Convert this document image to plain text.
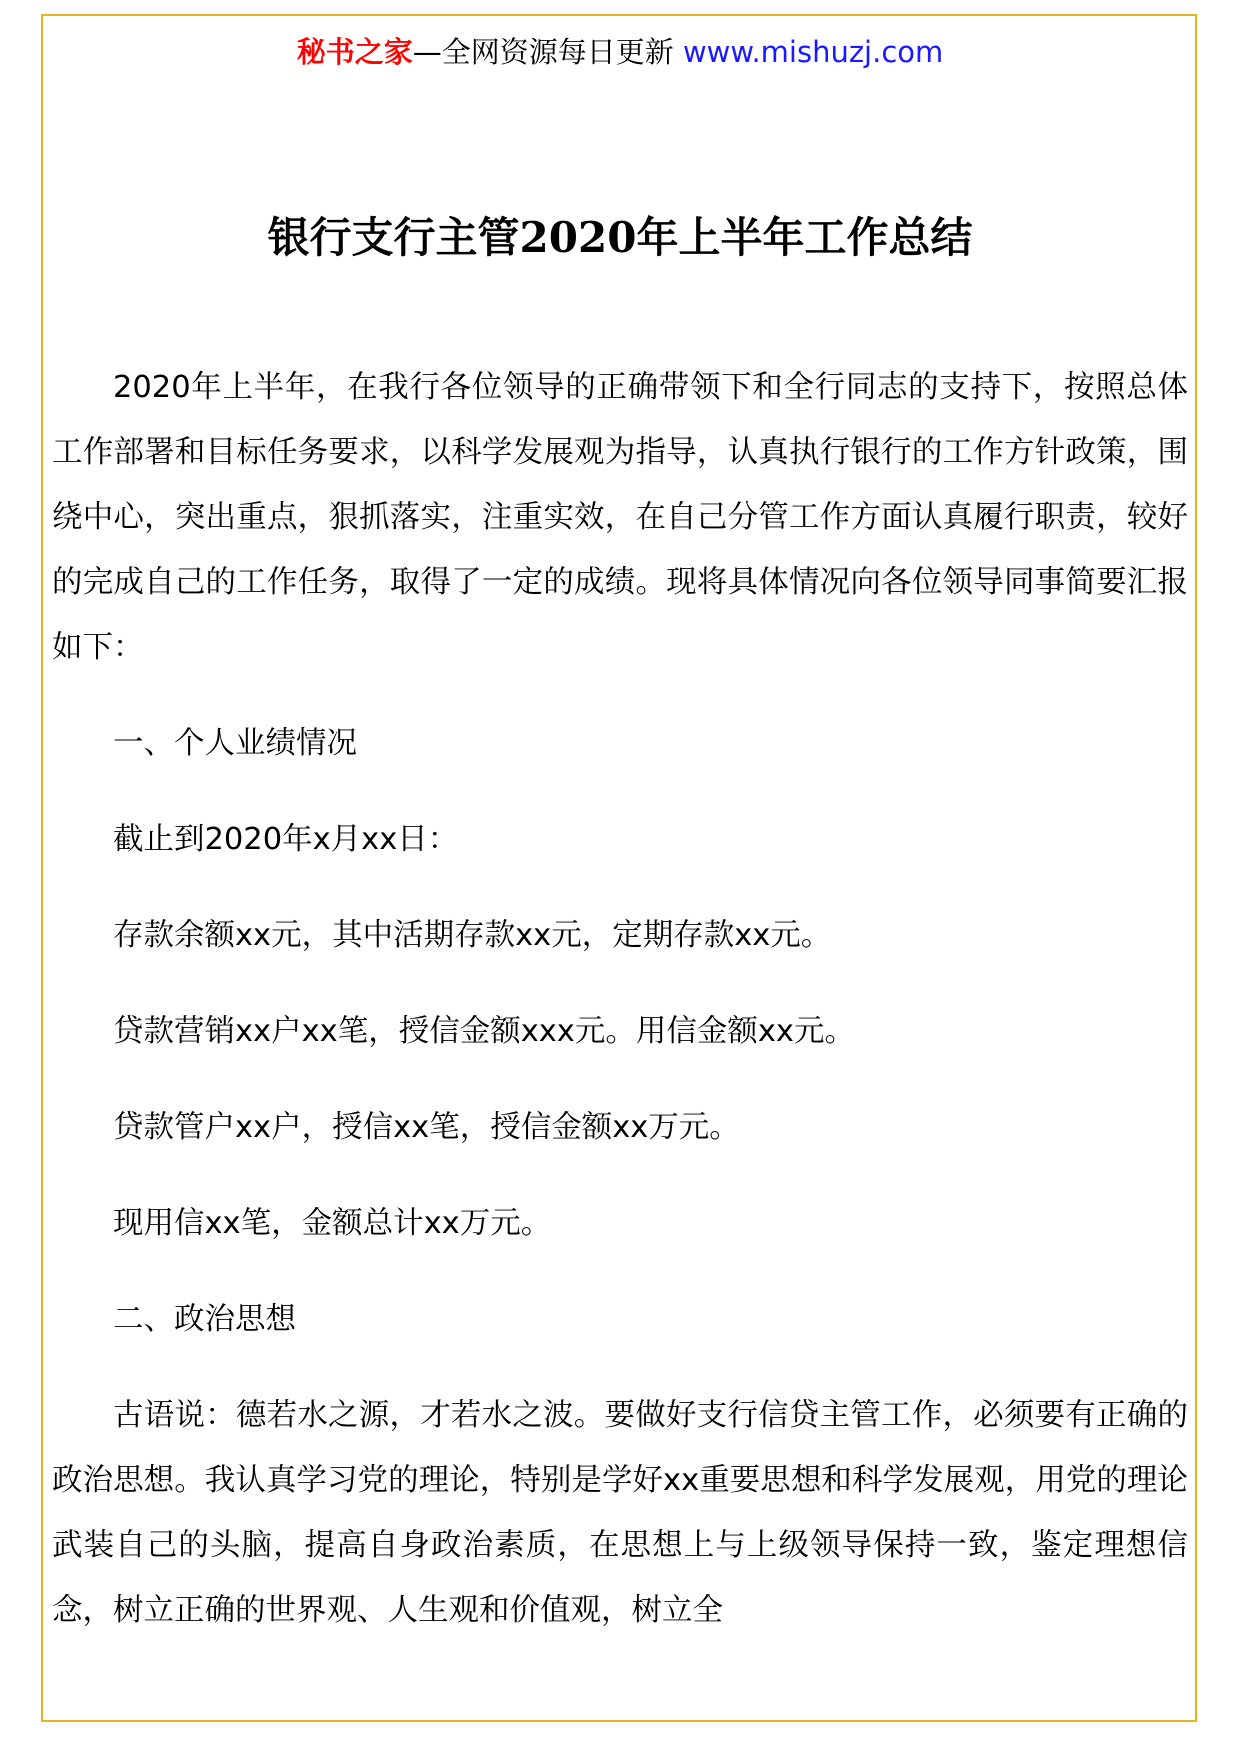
秘书之家—全网资源每日更新 www.mishuzj.com
银行支行主管2020年上半年工作总结

2020年上半年，在我行各位领导的正确带领下和全行同志的支持下，按照总体工作部署和目标任务要求，以科学发展观为指导，认真执行银行的工作方针政策，围绕中心，突出重点，狠抓落实，注重实效，在自己分管工作方面认真履行职责，较好的完成自己的工作任务，取得了一定的成绩。现将具体情况向各位领导同事简要汇报如下：

一、个人业绩情况

截止到2020年x月xx日：

存款余额xx元，其中活期存款xx元，定期存款xx元。

贷款营销xx户xx笔，授信金额xxx元。用信金额xx元。

贷款管户xx户，授信xx笔，授信金额xx万元。

现用信xx笔，金额总计xx万元。

二、政治思想

古语说：德若水之源，才若水之波。要做好支行信贷主管工作，必须要有正确的政治思想。我认真学习党的理论，特别是学好xx重要思想和科学发展观，用党的理论武装自己的头脑，提高自身政治素质，在思想上与上级领导保持一致，鉴定理想信念，树立正确的世界观、人生观和价值观，树立全
